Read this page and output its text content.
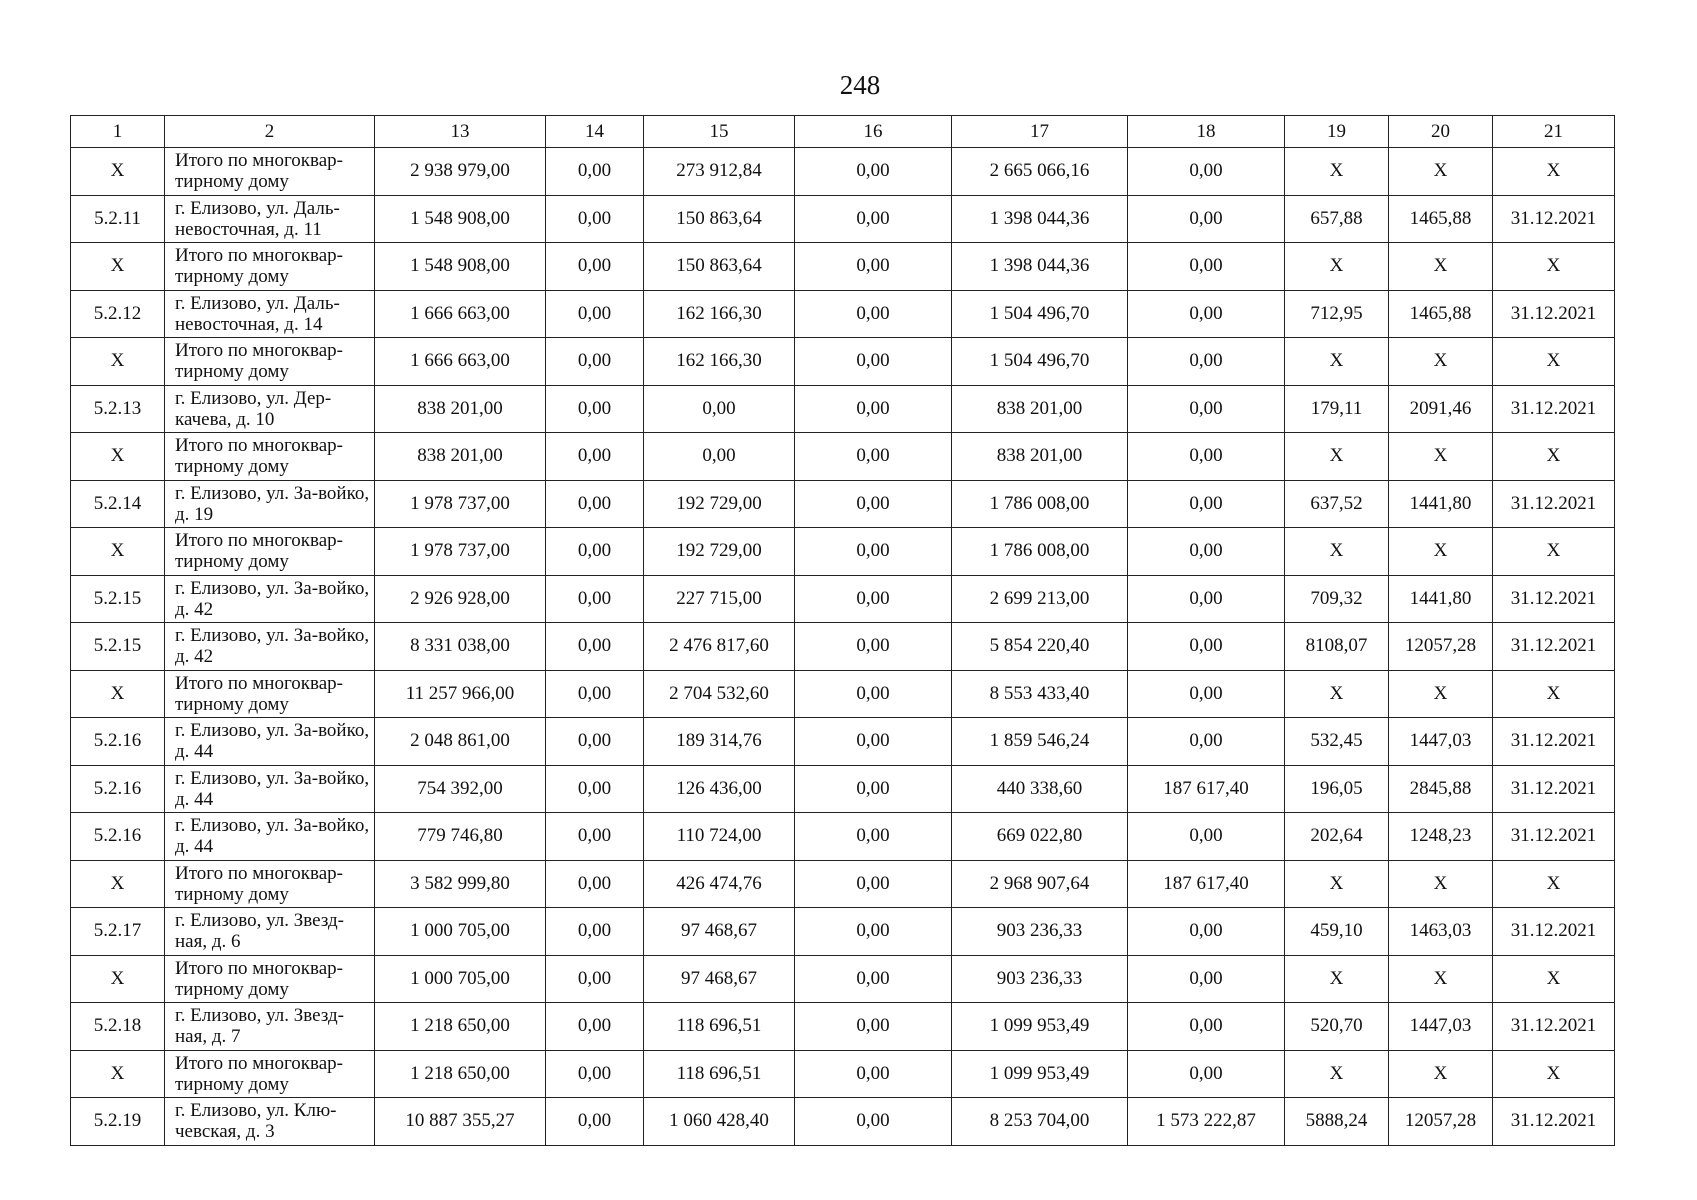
248
1	2	13	14	15	16	17	18	19	20	21
X	Итого по многоквар-тирному дому	2 938 979,00	0,00	273 912,84	0,00	2 665 066,16	0,00	X	X	X
5.2.11	г. Елизово, ул. Даль-невосточная, д. 11	1 548 908,00	0,00	150 863,64	0,00	1 398 044,36	0,00	657,88	1465,88	31.12.2021
X	Итого по многоквар-тирному дому	1 548 908,00	0,00	150 863,64	0,00	1 398 044,36	0,00	X	X	X
5.2.12	г. Елизово, ул. Даль-невосточная, д. 14	1 666 663,00	0,00	162 166,30	0,00	1 504 496,70	0,00	712,95	1465,88	31.12.2021
X	Итого по многоквар-тирному дому	1 666 663,00	0,00	162 166,30	0,00	1 504 496,70	0,00	X	X	X
5.2.13	г. Елизово, ул. Дер-качева, д. 10	838 201,00	0,00	0,00	0,00	838 201,00	0,00	179,11	2091,46	31.12.2021
X	Итого по многоквар-тирному дому	838 201,00	0,00	0,00	0,00	838 201,00	0,00	X	X	X
5.2.14	г. Елизово, ул. За-войко, д. 19	1 978 737,00	0,00	192 729,00	0,00	1 786 008,00	0,00	637,52	1441,80	31.12.2021
X	Итого по многоквар-тирному дому	1 978 737,00	0,00	192 729,00	0,00	1 786 008,00	0,00	X	X	X
5.2.15	г. Елизово, ул. За-войко, д. 42	2 926 928,00	0,00	227 715,00	0,00	2 699 213,00	0,00	709,32	1441,80	31.12.2021
5.2.15	г. Елизово, ул. За-войко, д. 42	8 331 038,00	0,00	2 476 817,60	0,00	5 854 220,40	0,00	8108,07	12057,28	31.12.2021
X	Итого по многоквар-тирному дому	11 257 966,00	0,00	2 704 532,60	0,00	8 553 433,40	0,00	X	X	X
5.2.16	г. Елизово, ул. За-войко, д. 44	2 048 861,00	0,00	189 314,76	0,00	1 859 546,24	0,00	532,45	1447,03	31.12.2021
5.2.16	г. Елизово, ул. За-войко, д. 44	754 392,00	0,00	126 436,00	0,00	440 338,60	187 617,40	196,05	2845,88	31.12.2021
5.2.16	г. Елизово, ул. За-войко, д. 44	779 746,80	0,00	110 724,00	0,00	669 022,80	0,00	202,64	1248,23	31.12.2021
X	Итого по многоквар-тирному дому	3 582 999,80	0,00	426 474,76	0,00	2 968 907,64	187 617,40	X	X	X
5.2.17	г. Елизово, ул. Звезд-ная, д. 6	1 000 705,00	0,00	97 468,67	0,00	903 236,33	0,00	459,10	1463,03	31.12.2021
X	Итого по многоквар-тирному дому	1 000 705,00	0,00	97 468,67	0,00	903 236,33	0,00	X	X	X
5.2.18	г. Елизово, ул. Звезд-ная, д. 7	1 218 650,00	0,00	118 696,51	0,00	1 099 953,49	0,00	520,70	1447,03	31.12.2021
X	Итого по многоквар-тирному дому	1 218 650,00	0,00	118 696,51	0,00	1 099 953,49	0,00	X	X	X
5.2.19	г. Елизово, ул. Клю-чевская, д. 3	10 887 355,27	0,00	1 060 428,40	0,00	8 253 704,00	1 573 222,87	5888,24	12057,28	31.12.2021
